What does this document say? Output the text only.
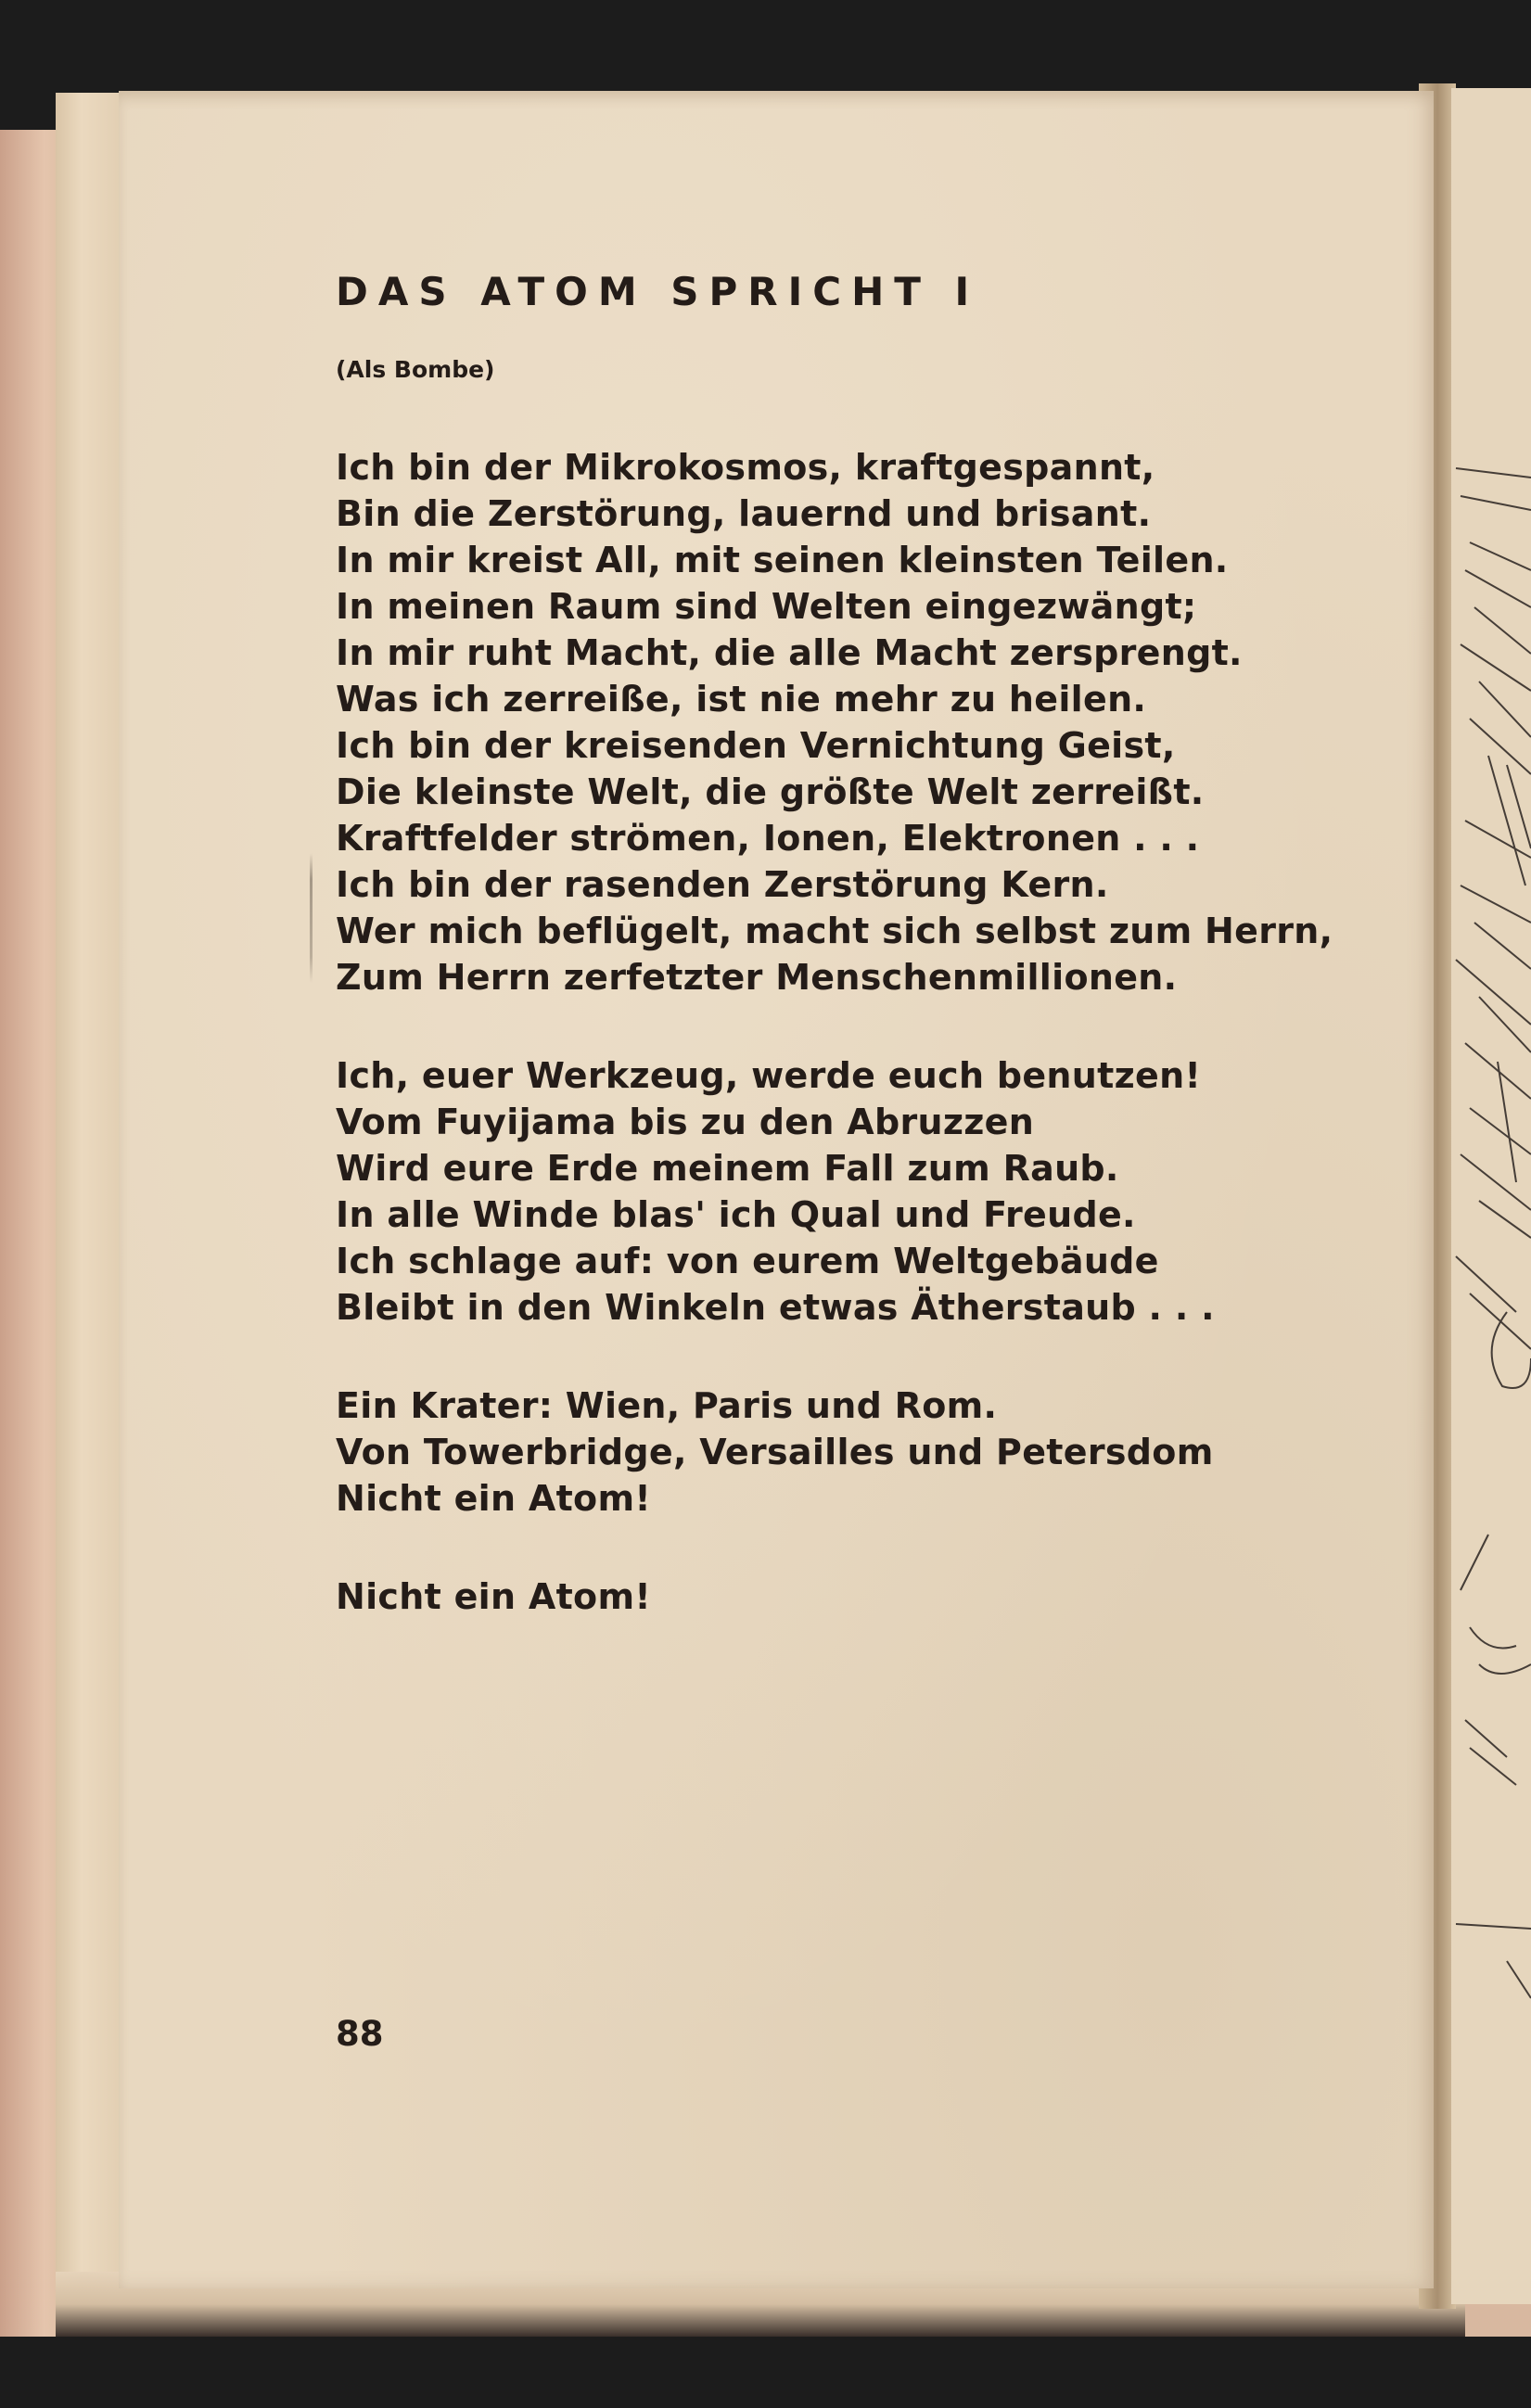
DAS ATOM SPRICHT I
(Als Bombe)
Ich bin der Mikrokosmos, kraftgespannt,
Bin die Zerstörung, lauernd und brisant.
In mir kreist All, mit seinen kleinsten Teilen.
In meinen Raum sind Welten eingezwängt;
In mir ruht Macht, die alle Macht zersprengt.
Was ich zerreiße, ist nie mehr zu heilen.
Ich bin der kreisenden Vernichtung Geist,
Die kleinste Welt, die größte Welt zerreißt.
Kraftfelder strömen, Ionen, Elektronen . . .
Ich bin der rasenden Zerstörung Kern.
Wer mich beflügelt, macht sich selbst zum Herrn,
Zum Herrn zerfetzter Menschenmillionen.
Ich, euer Werkzeug, werde euch benutzen!
Vom Fuyijama bis zu den Abruzzen
Wird eure Erde meinem Fall zum Raub.
In alle Winde blas' ich Qual und Freude.
Ich schlage auf: von eurem Weltgebäude
Bleibt in den Winkeln etwas Ätherstaub . . .
Ein Krater: Wien, Paris und Rom.
Von Towerbridge, Versailles und Petersdom
Nicht ein Atom!
Nicht ein Atom!
88
